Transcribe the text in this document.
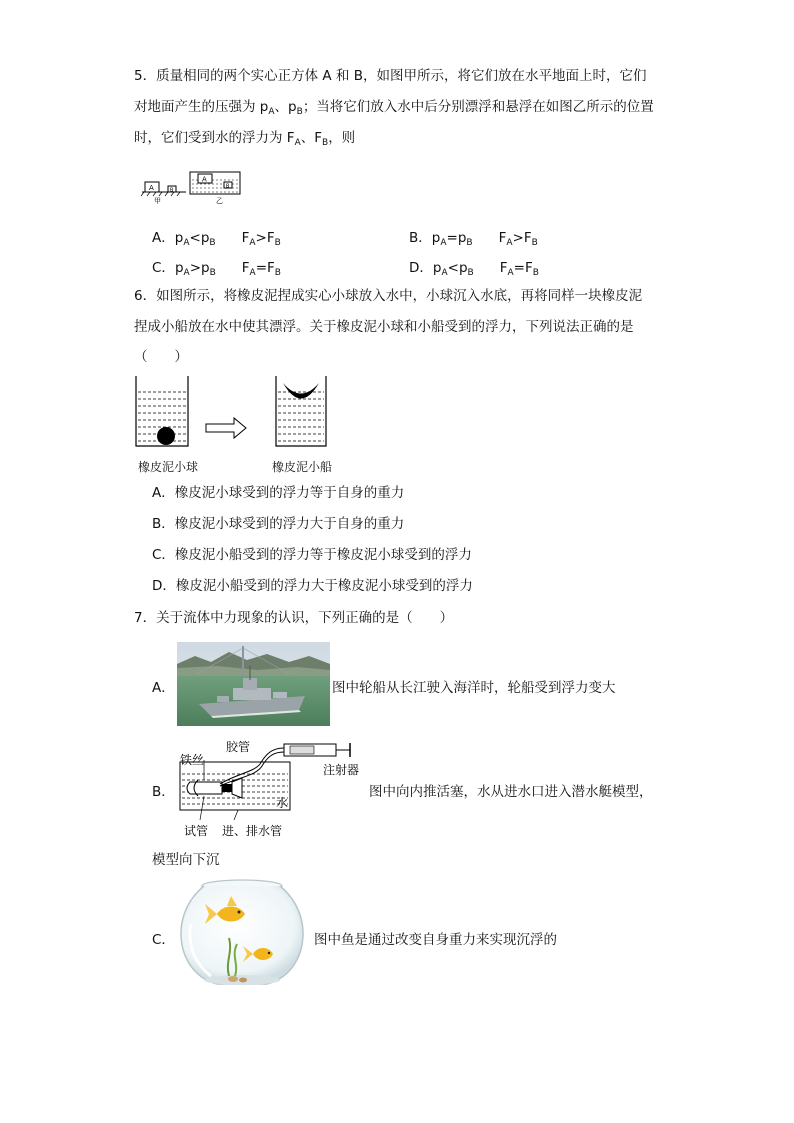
5．质量相同的两个实心正方体 A 和 B，如图甲所示，将它们放在水平地面上时，它们
对地面产生的压强为 $p_A$、$p_B$；当将它们放入水中后分别漂浮和悬浮在如图乙所示的位置
时，它们受到水的浮力为 $F_A$、$F_B$，则
A	B
甲
A
B
乙
A．$p_A<p_B$ $F_A>F_B$	B．$p_A=p_B$ $F_A>F_B$
C．$p_A>p_B$ $F_A=F_B$	D．$p_A<p_B$ $F_A=F_B$
6．如图所示，将橡皮泥捏成实心小球放入水中，小球沉入水底，再将同样一块橡皮泥
捏成小船放在水中使其漂浮。关于橡皮泥小球和小船受到的浮力，下列说法正确的是
（　　）
橡皮泥小球	橡皮泥小船
A．橡皮泥小球受到的浮力等于自身的重力
B．橡皮泥小球受到的浮力大于自身的重力
C．橡皮泥小船受到的浮力等于橡皮泥小球受到的浮力
D．橡皮泥小船受到的浮力大于橡皮泥小球受到的浮力
7．关于流体中力现象的认识，下列正确的是（　　）
A．	图中轮船从长江驶入海洋时，轮船受到浮力变大
B．
胶管
铁丝
注射器
水
试管 进、排水管
图中向内推活塞，水从进水口进入潜水艇模型，
模型向下沉
C．	图中鱼是通过改变自身重力来实现沉浮的
